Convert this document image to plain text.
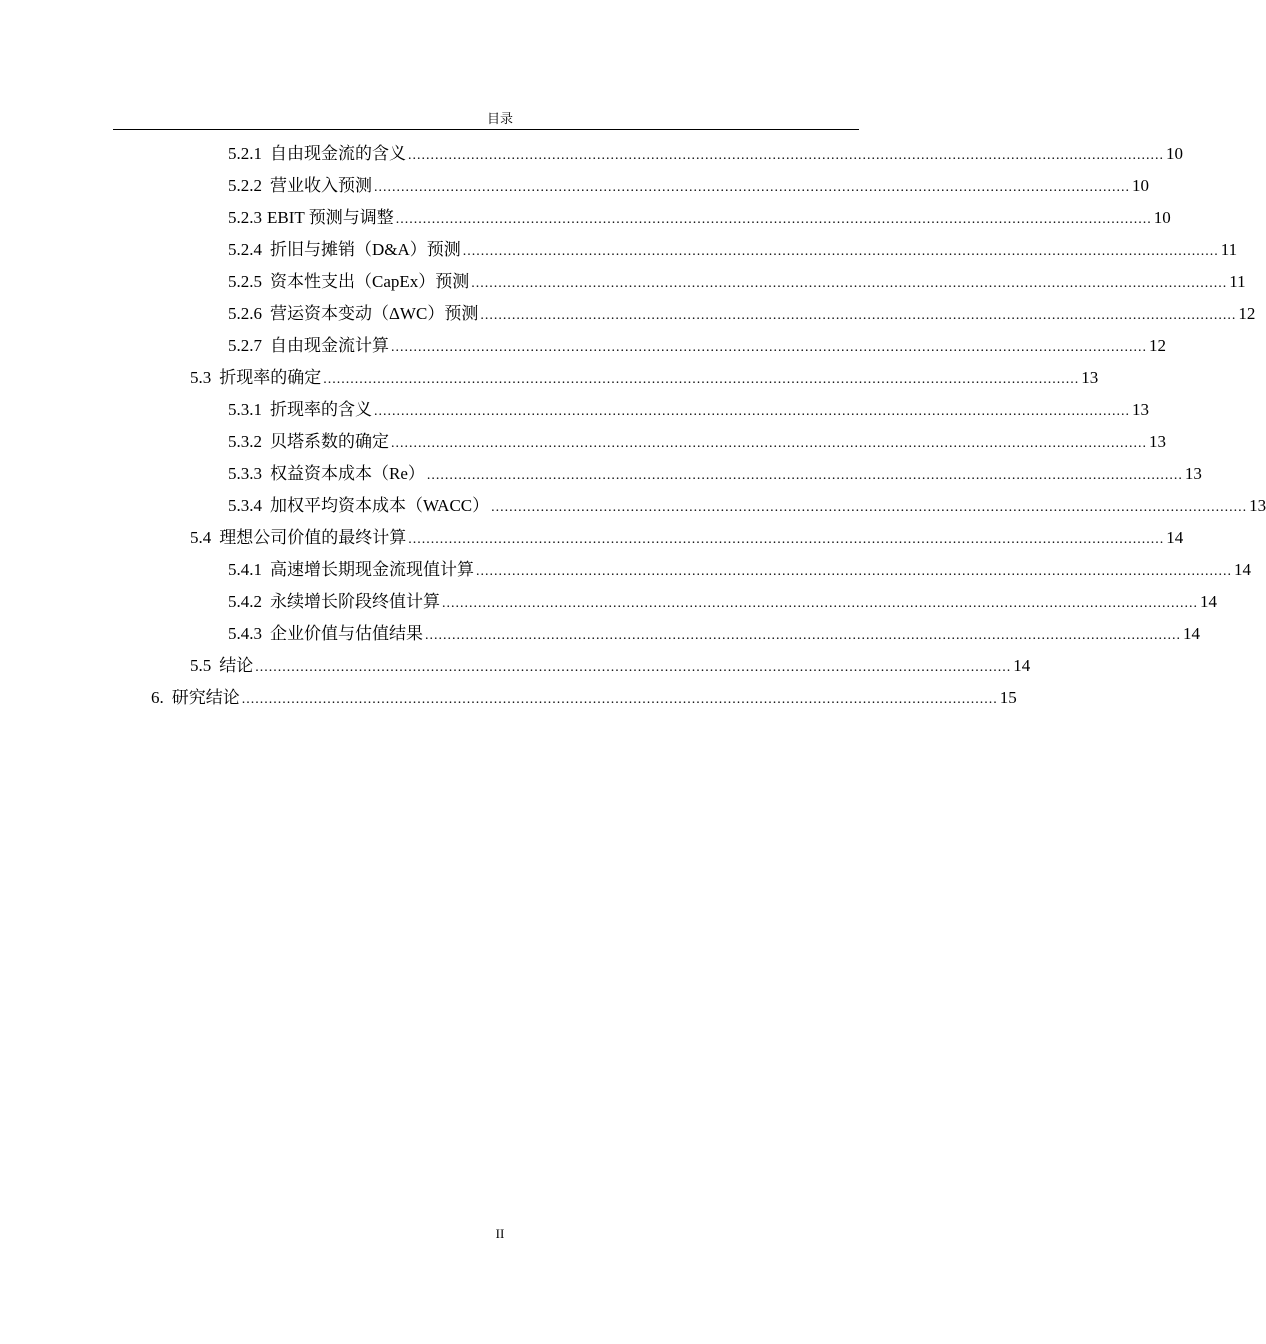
目录
5.2.1 自由现金流的含义 ........................................................................................................................................................................ 10
5.2.2 营业收入预测 ........................................................................................................................................................................ 10
5.2.3 EBIT 预测与调整 ........................................................................................................................................................................ 10
5.2.4 折旧与摊销（D&A）预测 ........................................................................................................................................................................ 11
5.2.5 资本性支出（CapEx）预测 ........................................................................................................................................................................ 11
5.2.6 营运资本变动（ΔWC）预测 ........................................................................................................................................................................ 12
5.2.7 自由现金流计算 ........................................................................................................................................................................ 12
5.3 折现率的确定 ........................................................................................................................................................................ 13
5.3.1 折现率的含义 ........................................................................................................................................................................ 13
5.3.2 贝塔系数的确定 ........................................................................................................................................................................ 13
5.3.3 权益资本成本（Re） ........................................................................................................................................................................ 13
5.3.4 加权平均资本成本（WACC） ........................................................................................................................................................................ 13
5.4 理想公司价值的最终计算 ........................................................................................................................................................................ 14
5.4.1 高速增长期现金流现值计算 ........................................................................................................................................................................ 14
5.4.2 永续增长阶段终值计算 ........................................................................................................................................................................ 14
5.4.3 企业价值与估值结果 ........................................................................................................................................................................ 14
5.5 结论 ........................................................................................................................................................................ 14
6. 研究结论 ........................................................................................................................................................................ 15
II
